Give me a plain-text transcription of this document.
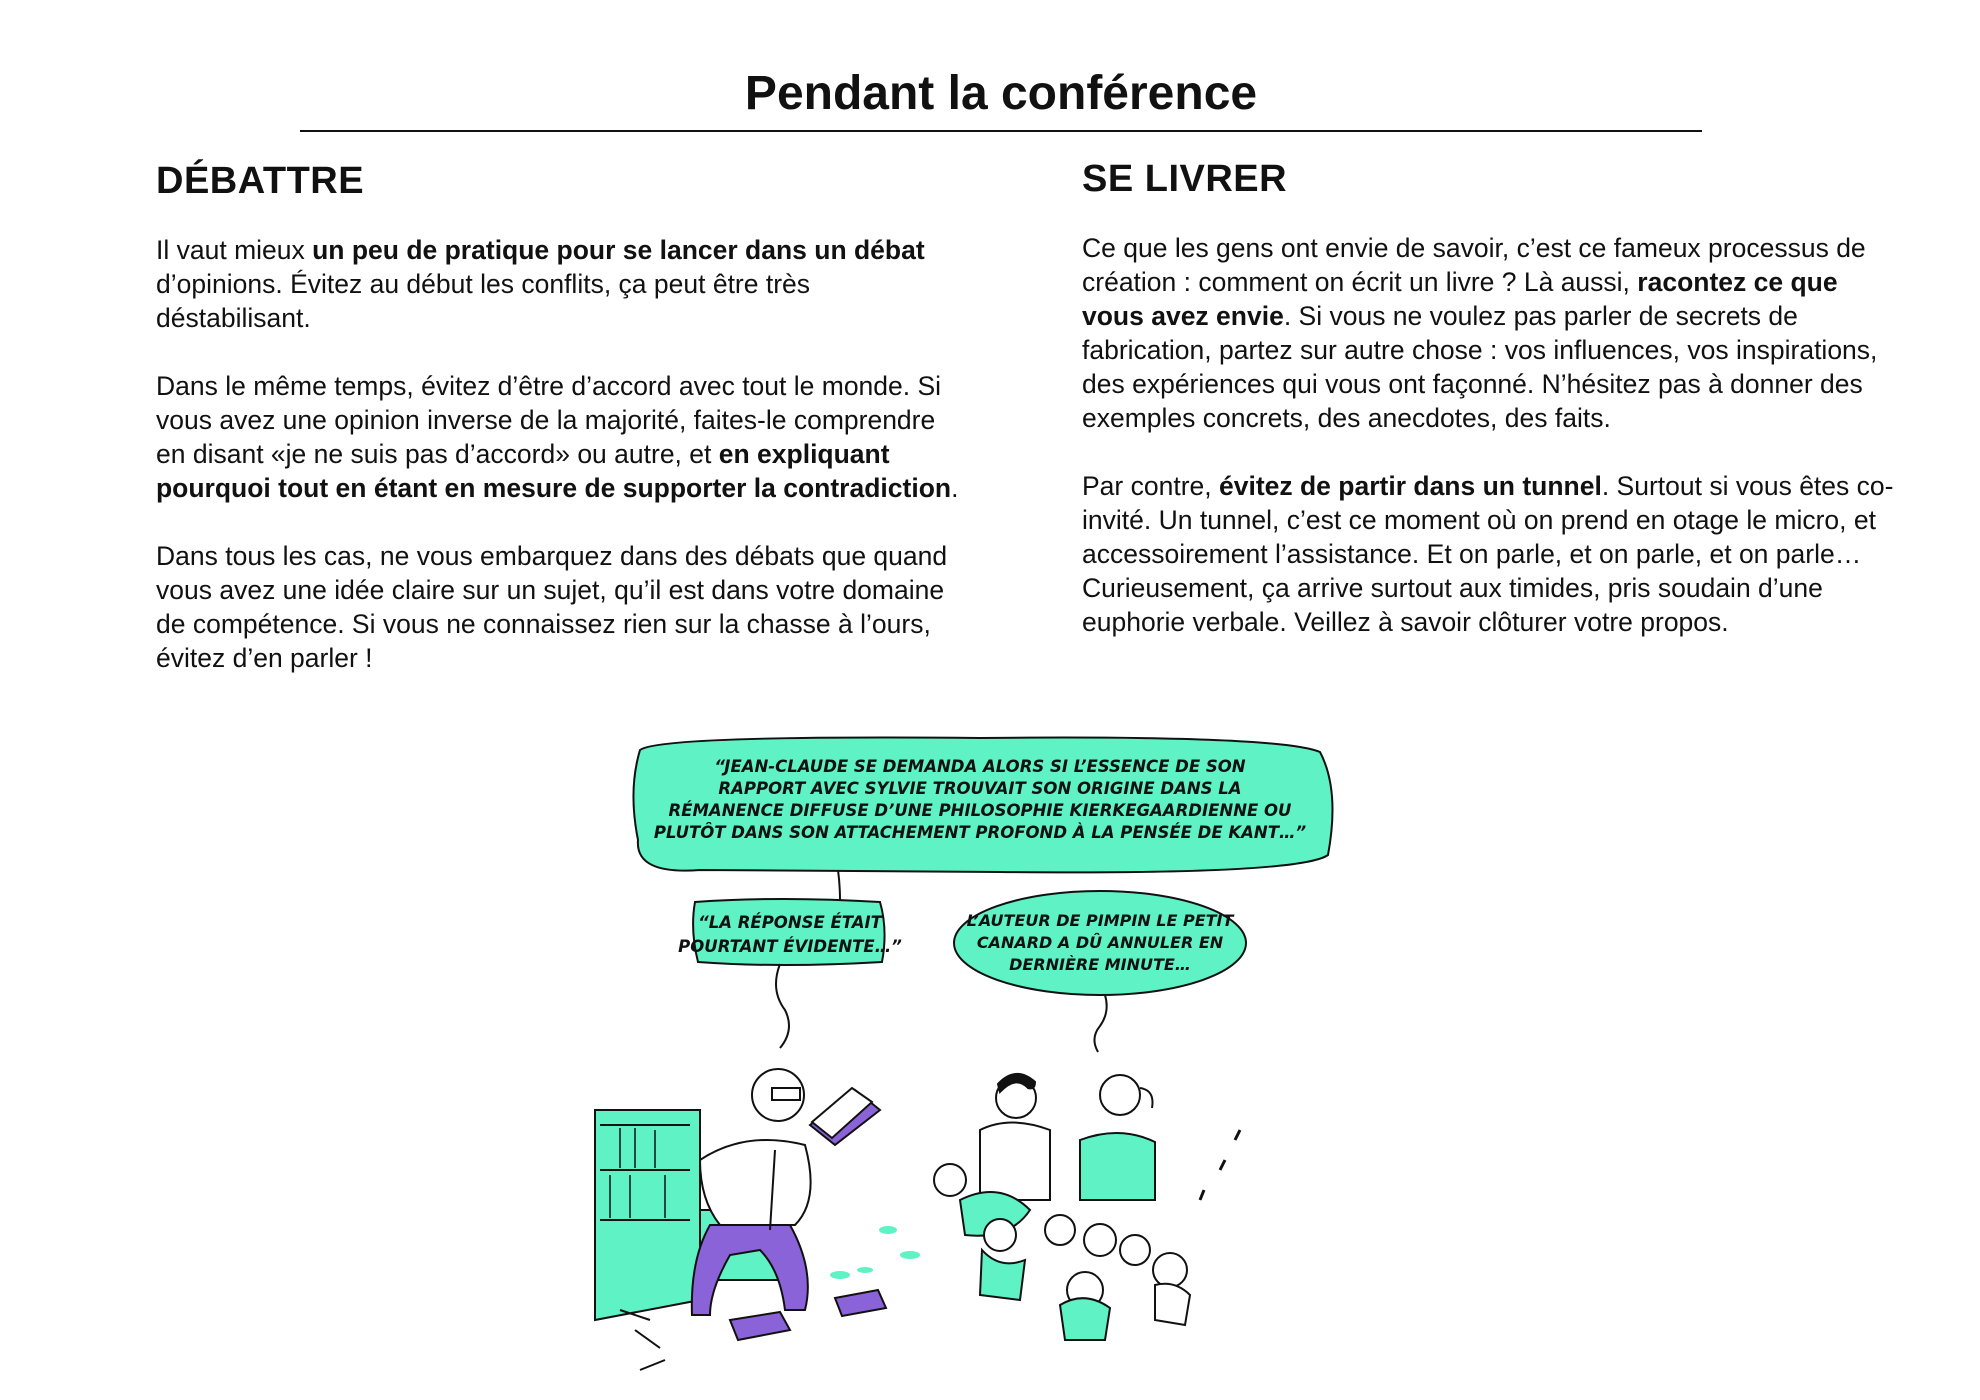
Pendant la conférence
DÉBATTRE

Il vaut mieux un peu de pratique pour se lancer dans un débat d’opinions. Évitez au début les conflits, ça peut être très déstabilisant.

Dans le même temps, évitez d’être d’accord avec tout le monde. Si vous avez une opinion inverse de la majorité, faites-le comprendre en disant «je ne suis pas d’accord» ou autre, et en expliquant pourquoi tout en étant en mesure de supporter la contradiction.

Dans tous les cas, ne vous embarquez dans des débats que quand vous avez une idée claire sur un sujet, qu’il est dans votre domaine de compétence. Si vous ne connaissez rien sur la chasse à l’ours, évitez d’en parler !

SE LIVRER

Ce que les gens ont envie de savoir, c’est ce fameux processus de création : comment on écrit un livre ? Là aussi, racontez ce que vous avez envie. Si vous ne voulez pas parler de secrets de fabrication, partez sur autre chose : vos influences, vos inspirations, des expériences qui vous ont façonné. N’hésitez pas à donner des exemples concrets, des anecdotes, des faits.

Par contre, évitez de partir dans un tunnel. Surtout si vous êtes co-invité. Un tunnel, c’est ce moment où on prend en otage le micro, et accessoirement l’assistance. Et on parle, et on parle, et on parle… Curieusement, ça arrive surtout aux timides, pris soudain d’une euphorie verbale. Veillez à savoir clôturer votre propos.

“JEAN-CLAUDE SE DEMANDA ALORS SI L’ESSENCE DE SON
RAPPORT AVEC SYLVIE TROUVAIT SON ORIGINE DANS LA
RÉMANENCE DIFFUSE D’UNE PHILOSOPHIE KIERKEGAARDIENNE OU
PLUTÔT DANS SON ATTACHEMENT PROFOND À LA PENSÉE DE KANT…”
“LA RÉPONSE ÉTAIT
POURTANT ÉVIDENTE…”
L’AUTEUR DE PIMPIN LE PETIT
CANARD A DÛ ANNULER EN
DERNIÈRE MINUTE…
